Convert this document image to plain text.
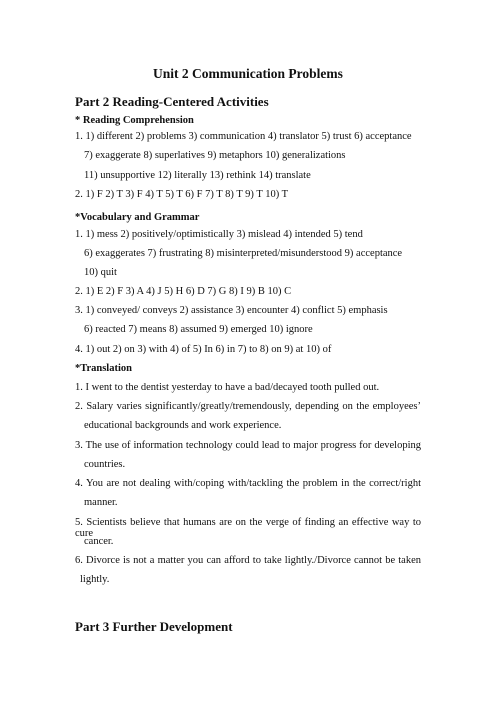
Unit 2 Communication Problems
Part 2 Reading-Centered Activities
* Reading Comprehension
1. 1) different 2) problems 3) communication 4) translator 5) trust 6) acceptance
7) exaggerate 8) superlatives 9) metaphors 10) generalizations
11) unsupportive 12) literally 13) rethink 14) translate
2. 1) F 2) T 3) F 4) T 5) T 6) F 7) T 8) T 9) T 10) T
*Vocabulary and Grammar
1. 1) mess 2) positively/optimistically 3) mislead 4) intended 5) tend
6) exaggerates 7) frustrating 8) misinterpreted/misunderstood 9) acceptance
10) quit
2. 1) E 2) F 3) A 4) J 5) H 6) D 7) G 8) I 9) B 10) C
3. 1) conveyed/ conveys 2) assistance 3) encounter 4) conflict 5) emphasis
6) reacted 7) means 8) assumed 9) emerged 10) ignore
4. 1) out 2) on 3) with 4) of 5) In 6) in 7) to 8) on 9) at 10) of
*Translation
1. I went to the dentist yesterday to have a bad/decayed tooth pulled out.
2. Salary varies significantly/greatly/tremendously, depending on the employees’
educational backgrounds and work experience.
3. The use of information technology could lead to major progress for developing
countries.
4. You are not dealing with/coping with/tackling the problem in the correct/right
manner.
5. Scientists believe that humans are on the verge of finding an effective way to cure
cancer.
6. Divorce is not a matter you can afford to take lightly./Divorce cannot be taken
lightly.
Part 3 Further Development
